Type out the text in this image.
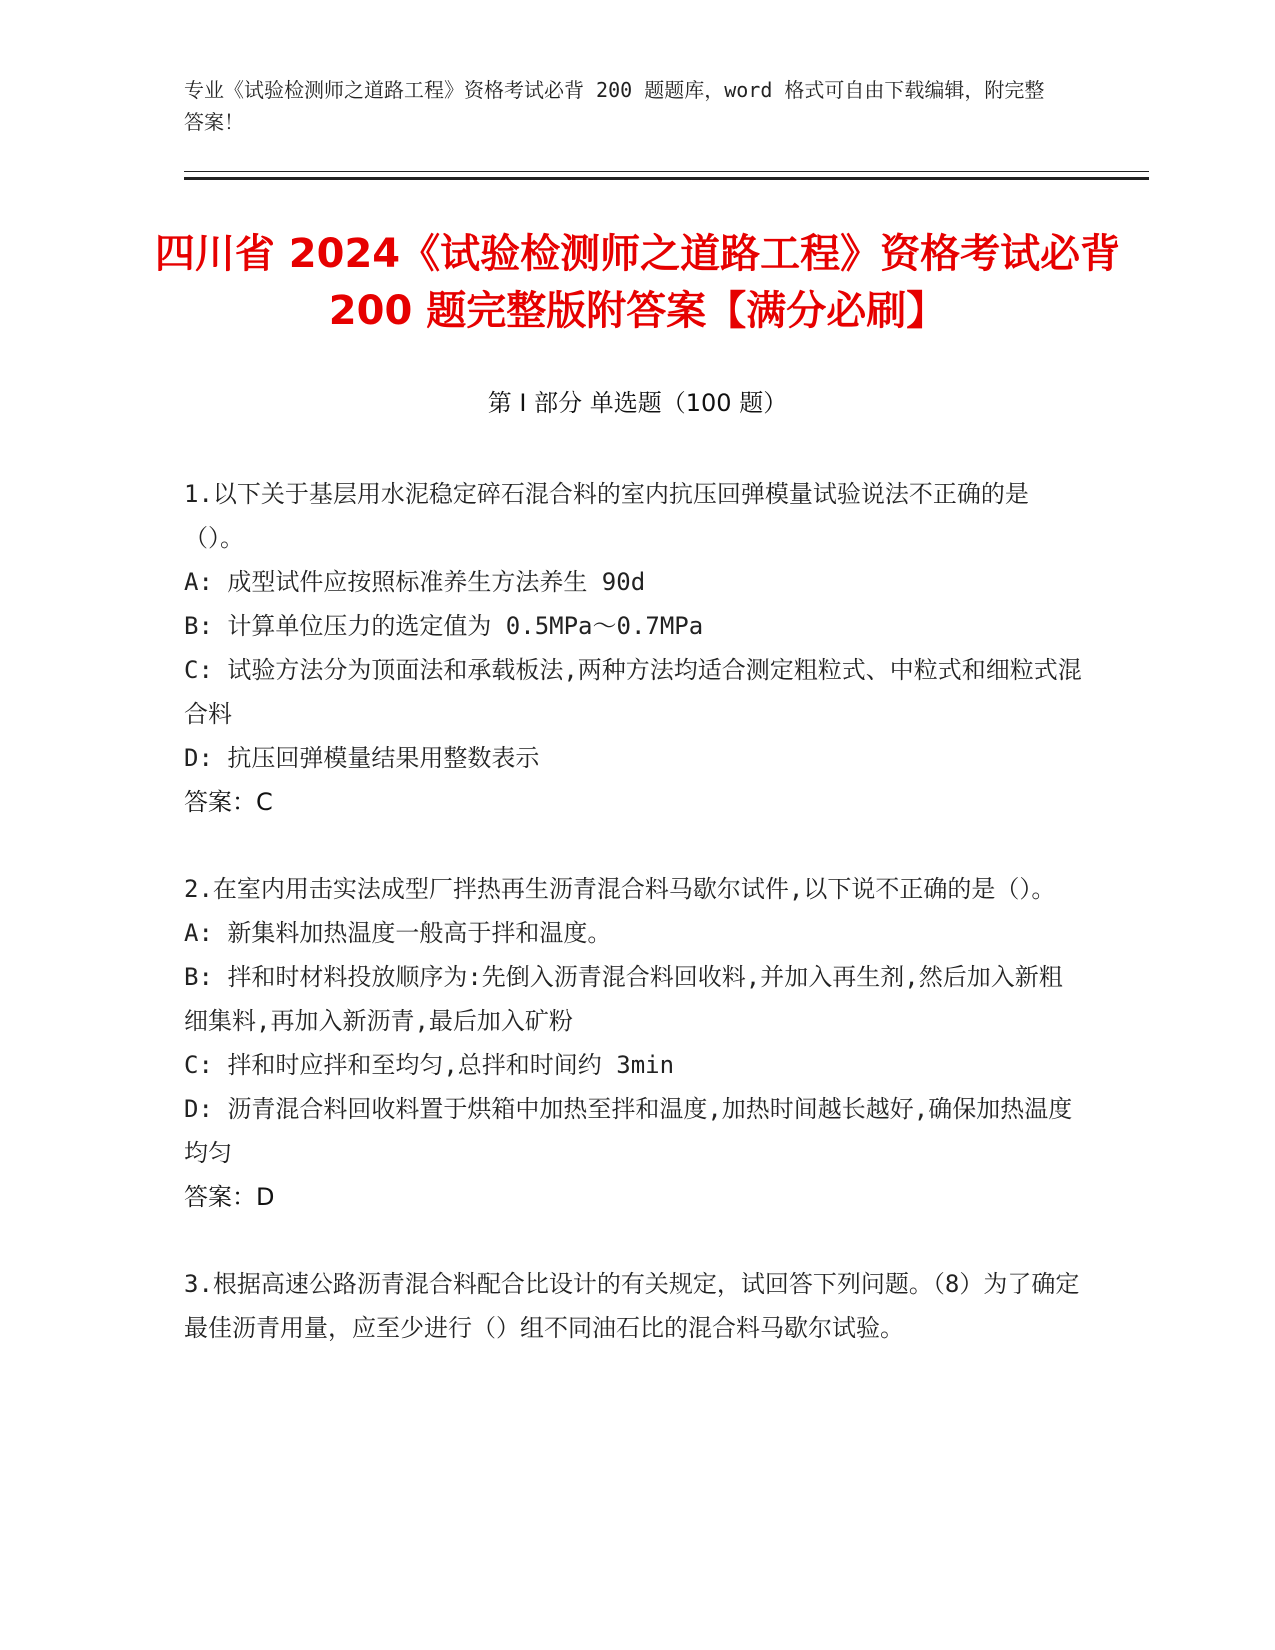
专业《试验检测师之道路工程》资格考试必背 200 题题库，word 格式可自由下载编辑，附完整答案！
四川省 2024《试验检测师之道路工程》资格考试必背 200 题完整版附答案【满分必刷】
第 I 部分 单选题（100 题）

1.以下关于基层用水泥稳定碎石混合料的室内抗压回弹模量试验说法不正确的是（）。

A: 成型试件应按照标准养生方法养生 90d

B: 计算单位压力的选定值为 0.5MPa～0.7MPa

C: 试验方法分为顶面法和承载板法,两种方法均适合测定粗粒式、中粒式和细粒式混合料

D: 抗压回弹模量结果用整数表示

答案：C

2.在室内用击实法成型厂拌热再生沥青混合料马歇尔试件,以下说不正确的是（）。

A: 新集料加热温度一般高于拌和温度。

B: 拌和时材料投放顺序为:先倒入沥青混合料回收料,并加入再生剂,然后加入新粗细集料,再加入新沥青,最后加入矿粉

C: 拌和时应拌和至均匀,总拌和时间约 3min

D: 沥青混合料回收料置于烘箱中加热至拌和温度,加热时间越长越好,确保加热温度均匀

答案：D

3.根据高速公路沥青混合料配合比设计的有关规定，试回答下列问题。（8）为了确定最佳沥青用量，应至少进行（）组不同油石比的混合料马歇尔试验。
